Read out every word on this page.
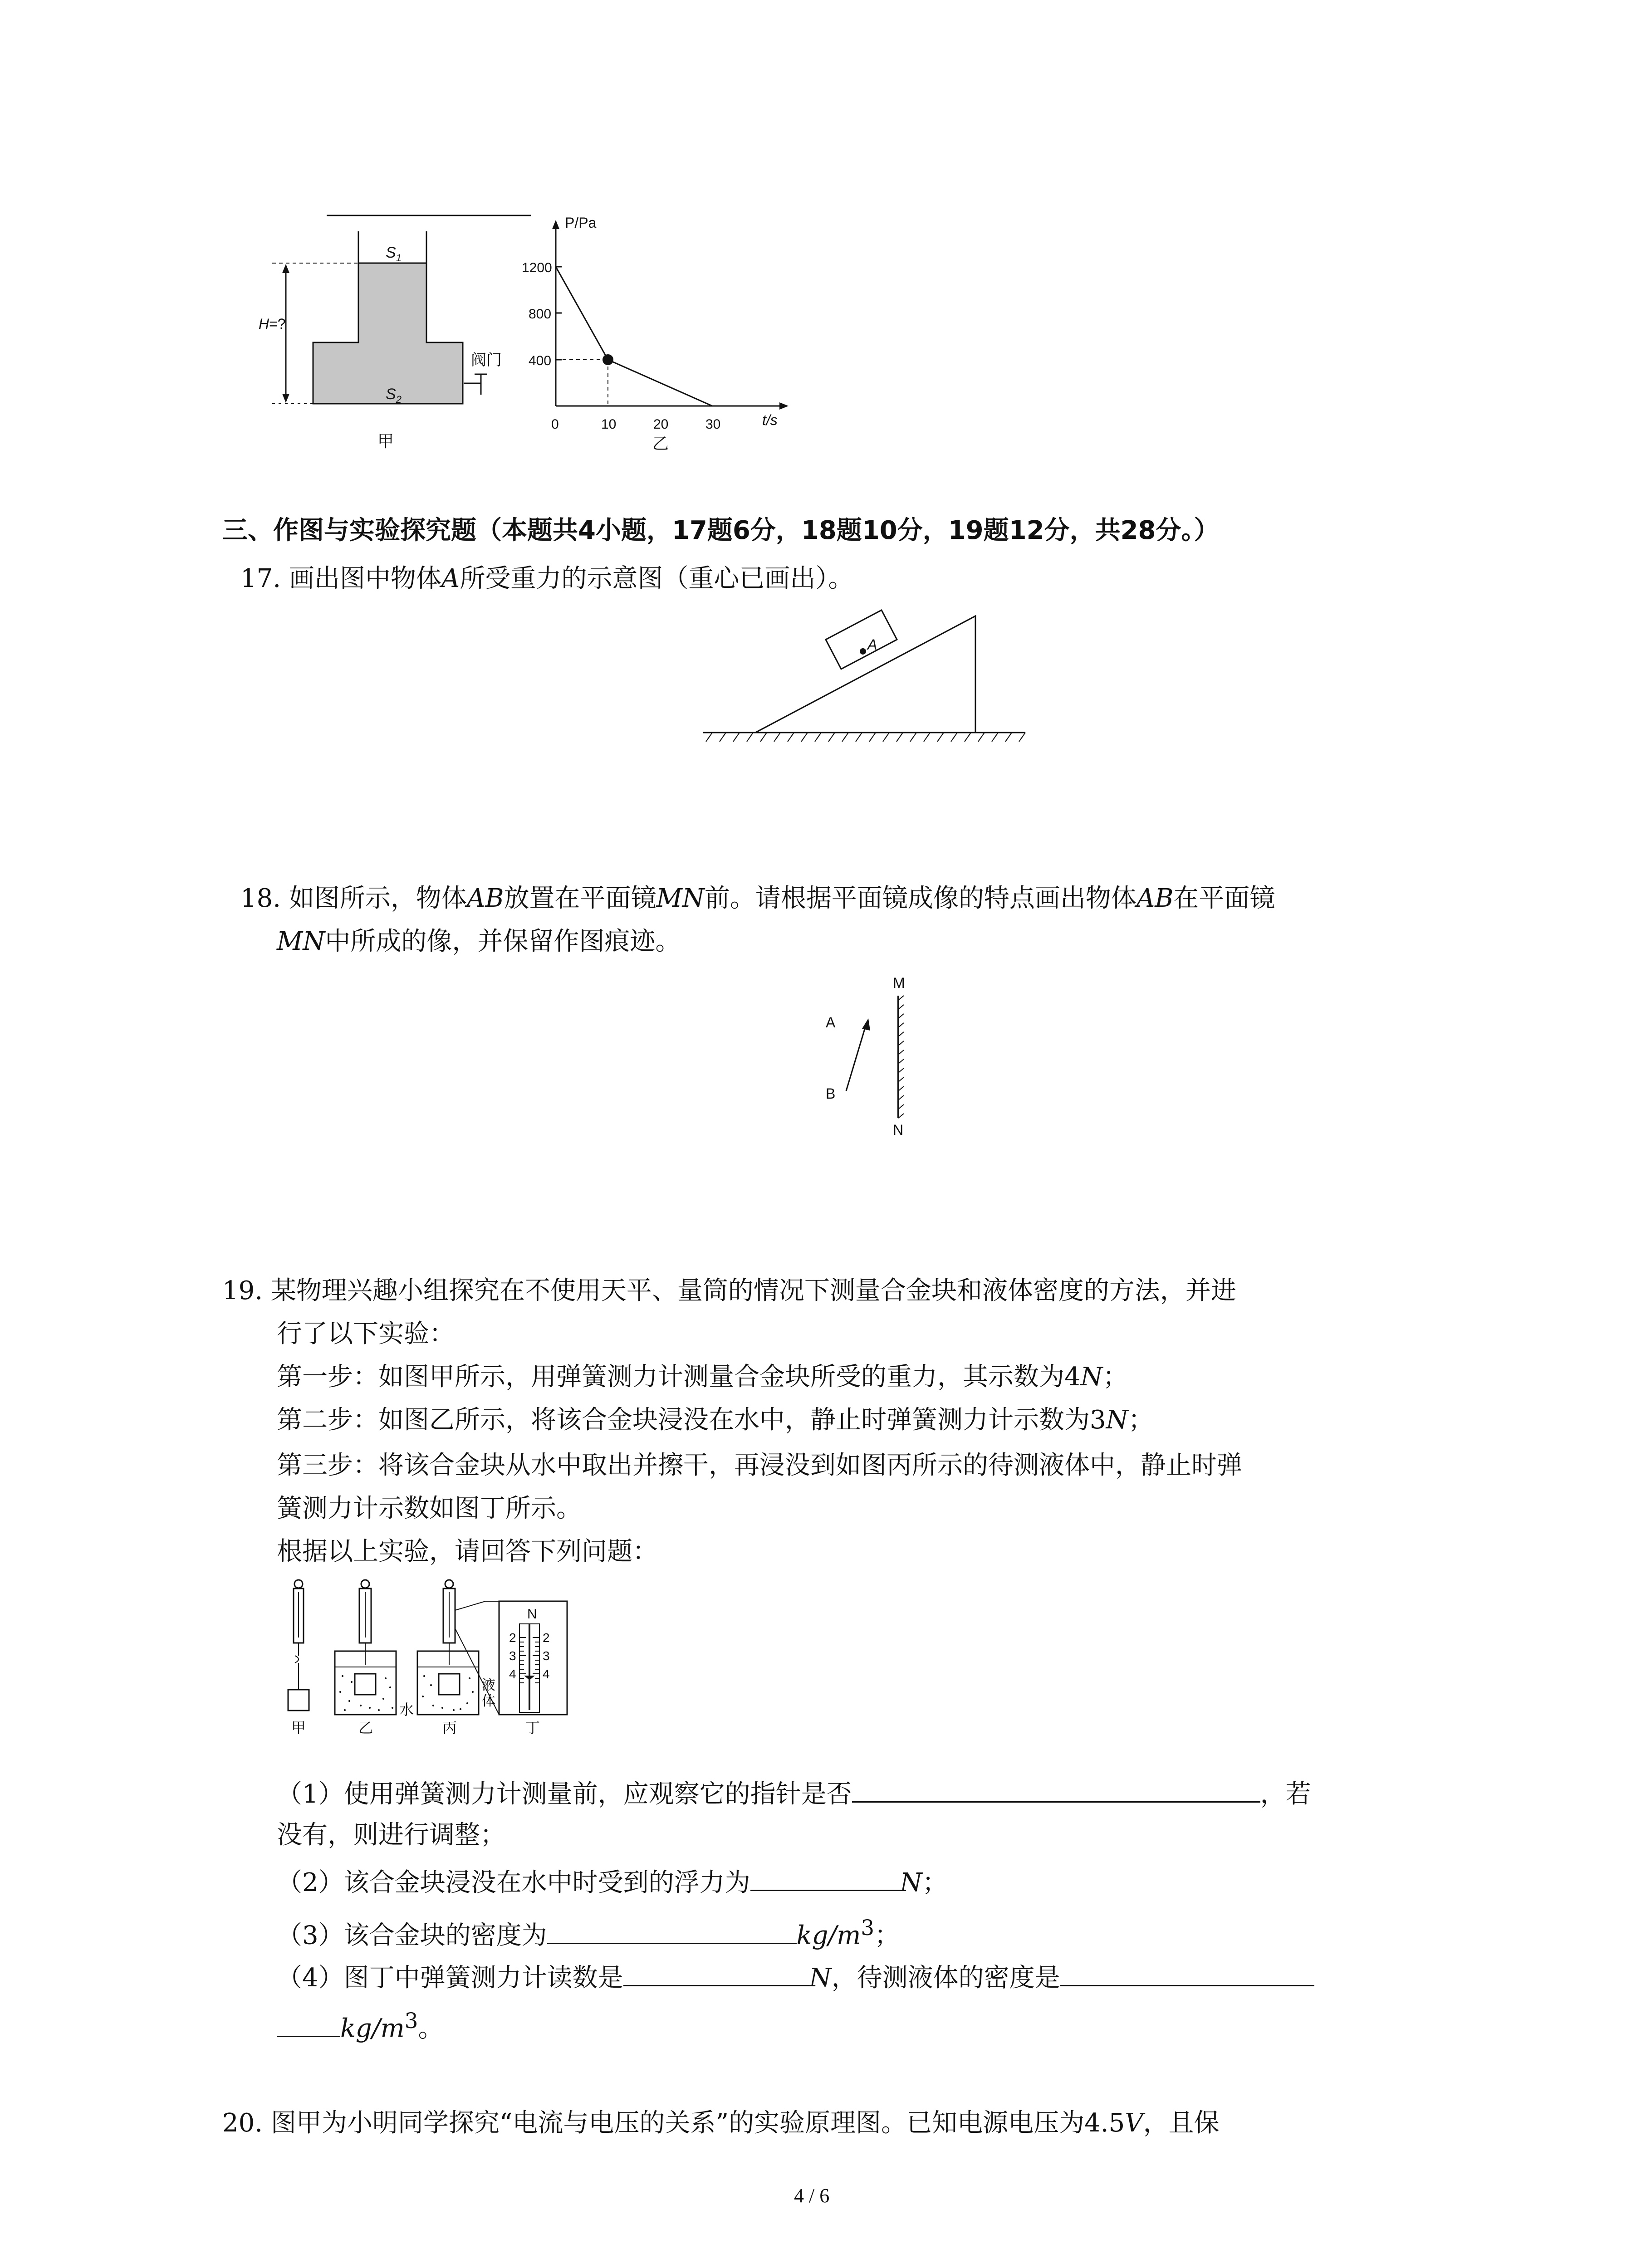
$S_1$
$S_2$
H=?
阀门
甲
P/Pa
t/s
1200
800
400
0	10	20	30
乙
三、作图与实验探究题（本题共4小题，17题6分，18题10分，19题12分，共28分。）
17. 画出图中物体A所受重力的示意图（重心已画出）。
A
18. 如图所示，物体AB放置在平面镜MN前。请根据平面镜成像的特点画出物体AB在平面镜
MN中所成的像，并保留作图痕迹。
M
N
A
B
19. 某物理兴趣小组探究在不使用天平、量筒的情况下测量合金块和液体密度的方法，并进
行了以下实验：
第一步：如图甲所示，用弹簧测力计测量合金块所受的重力，其示数为4N；
第二步：如图乙所示，将该合金块浸没在水中，静止时弹簧测力计示数为3N；
第三步：将该合金块从水中取出并擦干，再浸没到如图丙所示的待测液体中，静止时弹
簧测力计示数如图丁所示。
根据以上实验，请回答下列问题：
甲
水
乙	丙
液
体
N
2
3
4
2
3
4
丁
（1）使用弹簧测力计测量前，应观察它的指针是否	，若
没有，则进行调整；
（2）该合金块浸没在水中时受到的浮力为	N；
（3）该合金块的密度为	$kg/m^3$；
（4）图丁中弹簧测力计读数是	N，待测液体的密度是
$kg/m^3$。
20. 图甲为小明同学探究“电流与电压的关系”的实验原理图。已知电源电压为4.5V，且保
4 / 6
